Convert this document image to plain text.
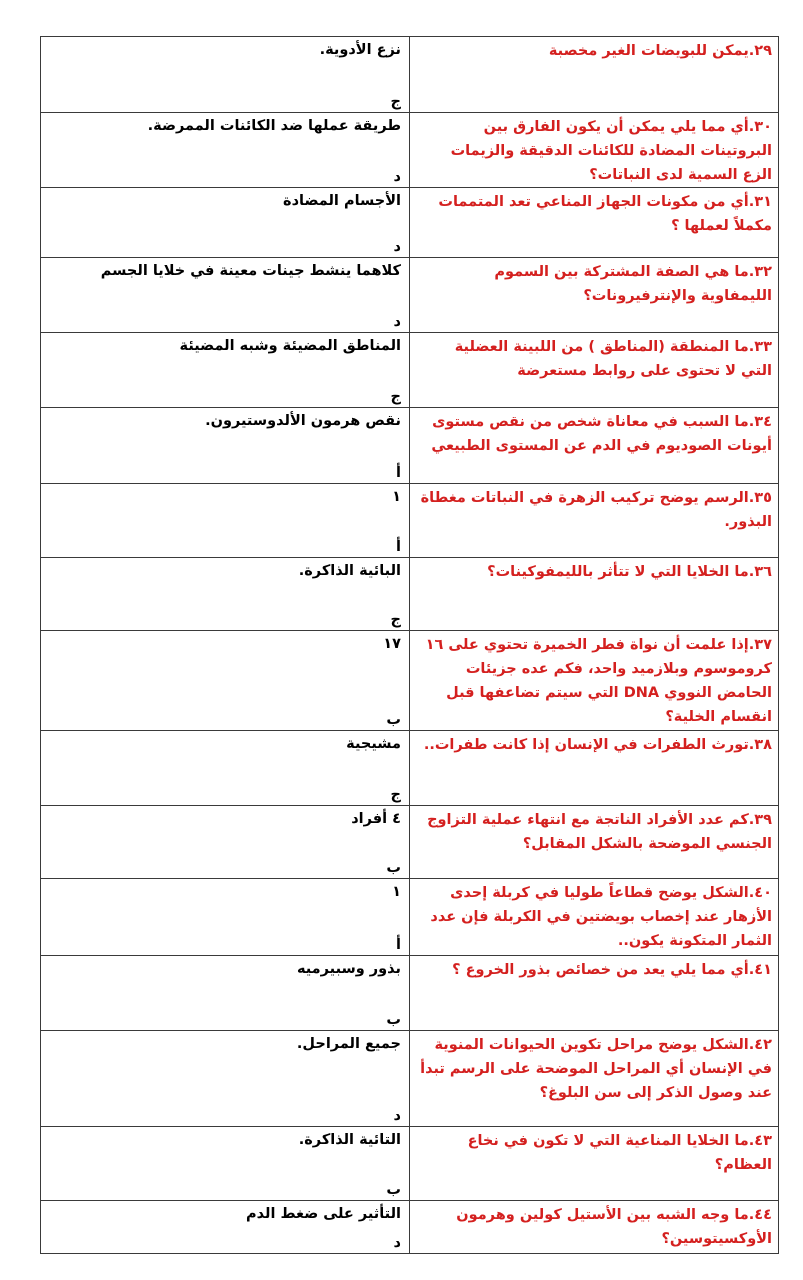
٢٩.يمكن للبويضات الغير مخصبة	نزع الأدوية.
ج

٣٠.أي مما يلي يمكن أن يكون الفارق بين البروتينات المضادة للكائنات الدقيقة والزيمات الزع السمية لدى النباتات؟	طريقة عملها ضد الكائنات الممرضة.
د

٣١.أي من مكونات الجهاز المناعي تعد المتممات مكملاً لعملها ؟	الأجسام المضادة
د

٣٢.ما هي الصفة المشتركة بين السموم الليمفاوية والإنترفيرونات؟	كلاهما ينشط جينات معينة في خلايا الجسم
د

٣٣.ما المنطقة (المناطق ) من اللبينة العضلية التي لا تحتوى على روابط مستعرضة	المناطق المضيئة وشبه المضيئة
ج

٣٤.ما السبب في معاناة شخص من نقص مستوى أيونات الصوديوم في الدم عن المستوى الطبيعي	نقص هرمون الألدوستيرون.
أ

٣٥.الرسم يوضح تركيب الزهرة في النباتات مغطاة البذور.	١
أ

٣٦.ما الخلايا التي لا تتأثر بالليمفوكينات؟	البائية الذاكرة.
ج

٣٧.إذا علمت أن نواة فطر الخميرة تحتوي على ١٦ كروموسوم وبلازميد واحد، فكم عده جزيئات الحامض النووي DNA التي سيتم تضاعفها قبل انقسام الخلية؟	١٧
ب

٣٨.تورث الطفرات في الإنسان إذا كانت طفرات..	مشيجية
ج

٣٩.كم عدد الأفراد الناتجة مع انتهاء عملية التزاوج الجنسي الموضحة بالشكل المقابل؟	٤ أفراد
ب

٤٠.الشكل يوضح قطاعاً طوليا في كربلة إحدى الأزهار عند إخصاب بويضتين في الكربلة فإن عدد الثمار المتكونة يكون..	١
أ

٤١.أي مما يلي يعد من خصائص بذور الخروع ؟	بذور وسبيرميه
ب

٤٢.الشكل يوضح مراحل تكوين الحيوانات المنوية في الإنسان أي المراحل الموضحة على الرسم تبدأ عند وصول الذكر إلى سن البلوغ؟	جميع المراحل.
د

٤٣.ما الخلايا المناعية التي لا تكون في نخاع العظام؟	التائية الذاكرة.
ب

٤٤.ما وجه الشبه بين الأستيل كولين وهرمون الأوكسيتوسين؟	التأثير على ضغط الدم
د
